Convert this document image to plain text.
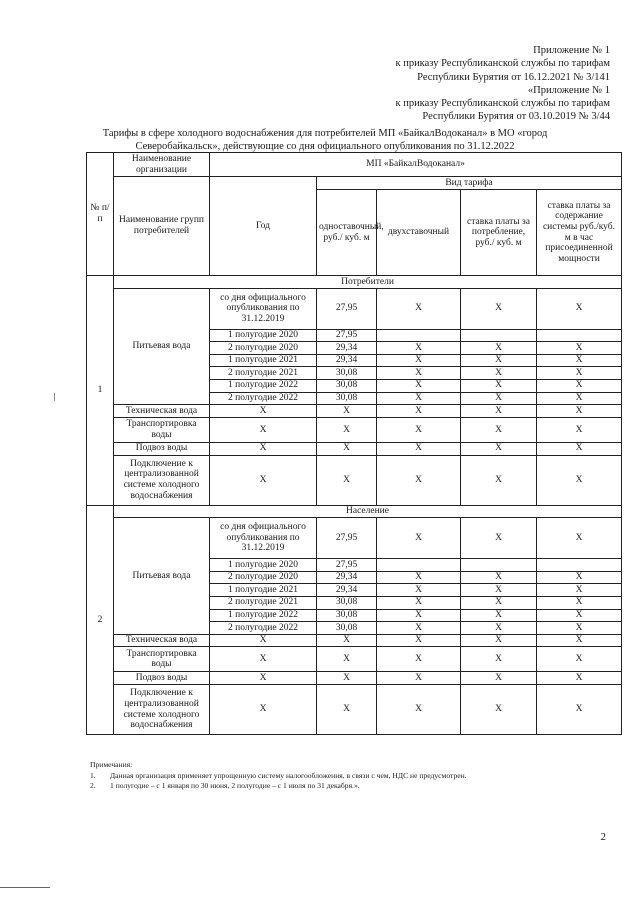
Приложение № 1
к приказу Республиканской службы по тарифам
Республики Бурятия от 16.12.2021 № 3/141
«Приложение № 1
к приказу Республиканской службы по тарифам
Республики Бурятия от 03.10.2019 № 3/44
Тарифы в сфере холодного водоснабжения для потребителей МП «БайкалВодоканал» в МО «город
Северобайкальск», действующие со дня официального опубликования по 31.12.2022
№ п/п	Наименование организации	МП «БайкалВодоканал»				
	Наименование групп потребителей	Год	Вид тарифа			
			одноставочный, руб./ куб. м	двухставочный	ставка платы за потребление, руб./ куб. м	ставка платы за содержание системы руб./куб. м в час присоединенной мощности
1	Потребители					
	Питьевая вода	со дня официального опубликования по 31.12.2019	27,95	X	X	X
		1 полугодие 2020	27,95			
		2 полугодие 2020	29,34	X	X	X
		1 полугодие 2021	29,34	X	X	X
		2 полугодие 2021	30,08	X	X	X
		1 полугодие 2022	30,08	X	X	X
		2 полугодие 2022	30,08	X	X	X
	Техническая вода	X	X	X	X	X
	Транспортировка воды	X	X	X	X	X
	Подвоз воды	X	X	X	X	X
	Подключение к централизованной системе холодного водоснабжения	X	X	X	X	X
2	Население					
	Питьевая вода	со дня официального опубликования по 31.12.2019	27,95	X	X	X
		1 полугодие 2020	27,95			
		2 полугодие 2020	29,34	X	X	X
		1 полугодие 2021	29,34	X	X	X
		2 полугодие 2021	30,08	X	X	X
		1 полугодие 2022	30,08	X	X	X
		2 полугодие 2022	30,08	X	X	X
	Техническая вода	X	X	X	X	X
	Транспортировка воды	X	X	X	X	X
	Подвоз воды	X	X	X	X	X
	Подключение к централизованной системе холодного водоснабжения	X	X	X	X	X
Примечания:
1. Данная организация применяет упрощенную систему налогообложения, в связи с чем, НДС не предусмотрен.
2. 1 полугодие – с 1 января по 30 июня, 2 полугодие – с 1 июля по 31 декабря.».
2
